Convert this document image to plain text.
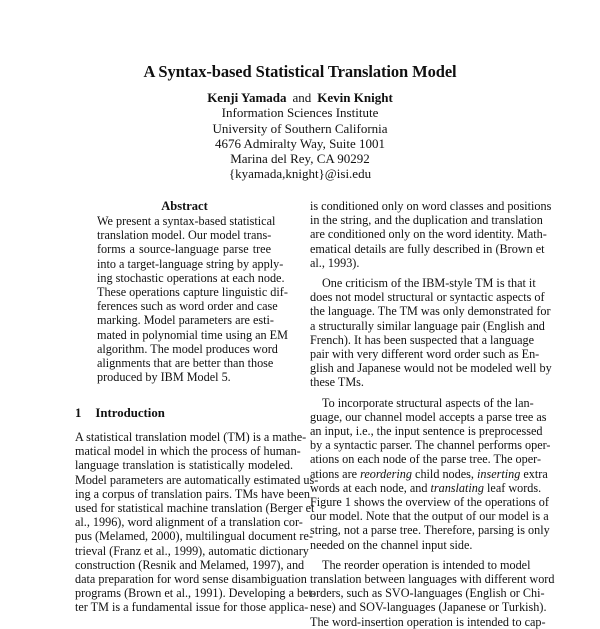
A Syntax-based Statistical Translation Model
Kenji Yamada and Kevin Knight
Information Sciences Institute
University of Southern California
4676 Admiralty Way, Suite 1001
Marina del Rey, CA 90292
{kyamada,knight}@isi.edu
Abstract
We present a syntax-based statistical
translation model. Our model trans-
forms a source-language parse tree
into a target-language string by apply-
ing stochastic operations at each node.
These operations capture linguistic dif-
ferences such as word order and case
marking. Model parameters are esti-
mated in polynomial time using an EM
algorithm. The model produces word
alignments that are better than those
produced by IBM Model 5.
1 Introduction
A statistical translation model (TM) is a mathe-
matical model in which the process of human-
language translation is statistically modeled.
Model parameters are automatically estimated us-
ing a corpus of translation pairs. TMs have been
used for statistical machine translation (Berger et
al., 1996), word alignment of a translation cor-
pus (Melamed, 2000), multilingual document re-
trieval (Franz et al., 1999), automatic dictionary
construction (Resnik and Melamed, 1997), and
data preparation for word sense disambiguation
programs (Brown et al., 1991). Developing a bet-
ter TM is a fundamental issue for those applica-
is conditioned only on word classes and positions
in the string, and the duplication and translation
are conditioned only on the word identity. Math-
ematical details are fully described in (Brown et
al., 1993).
One criticism of the IBM-style TM is that it
does not model structural or syntactic aspects of
the language. The TM was only demonstrated for
a structurally similar language pair (English and
French). It has been suspected that a language
pair with very different word order such as En-
glish and Japanese would not be modeled well by
these TMs.
To incorporate structural aspects of the lan-
guage, our channel model accepts a parse tree as
an input, i.e., the input sentence is preprocessed
by a syntactic parser. The channel performs oper-
ations on each node of the parse tree. The oper-
ations are reordering child nodes, inserting extra
words at each node, and translating leaf words.
Figure 1 shows the overview of the operations of
our model. Note that the output of our model is a
string, not a parse tree. Therefore, parsing is only
needed on the channel input side.
The reorder operation is intended to model
translation between languages with different word
orders, such as SVO-languages (English or Chi-
nese) and SOV-languages (Japanese or Turkish).
The word-insertion operation is intended to cap-
